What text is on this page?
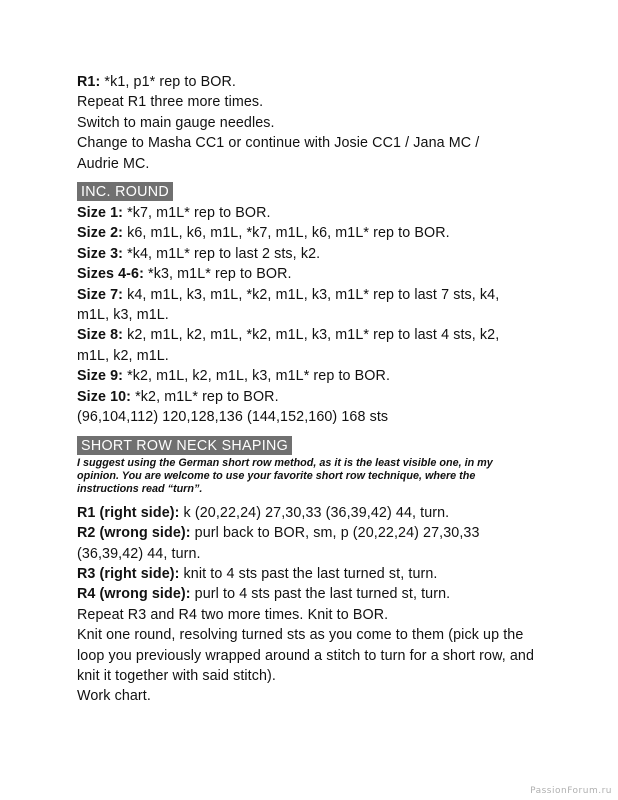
R1: *k1, p1* rep to BOR.
Repeat R1 three more times.
Switch to main gauge needles.
Change to Masha CC1 or continue with Josie CC1 / Jana MC / Audrie MC.
INC. ROUND
Size 1: *k7, m1L* rep to BOR.
Size 2: k6, m1L, k6, m1L, *k7, m1L, k6, m1L* rep to BOR.
Size 3: *k4, m1L* rep to last 2 sts, k2.
Sizes 4-6: *k3, m1L* rep to BOR.
Size 7: k4, m1L, k3, m1L, *k2, m1L, k3, m1L* rep to last 7 sts, k4, m1L, k3, m1L.
Size 8: k2, m1L, k2, m1L, *k2, m1L, k3, m1L* rep to last 4 sts, k2, m1L, k2, m1L.
Size 9: *k2, m1L, k2, m1L, k3, m1L* rep to BOR.
Size 10: *k2, m1L* rep to BOR.
(96,104,112) 120,128,136 (144,152,160) 168 sts
SHORT ROW NECK SHAPING
I suggest using the German short row method, as it is the least visible one, in my opinion. You are welcome to use your favorite short row technique, where the instructions read “turn”.
R1 (right side): k (20,22,24) 27,30,33 (36,39,42) 44, turn.
R2 (wrong side): purl back to BOR, sm, p (20,22,24) 27,30,33 (36,39,42) 44, turn.
R3 (right side): knit to 4 sts past the last turned st, turn.
R4 (wrong side): purl to 4 sts past the last turned st, turn.
Repeat R3 and R4 two more times. Knit to BOR.
Knit one round, resolving turned sts as you come to them (pick up the loop you previously wrapped around a stitch to turn for a short row, and knit it together with said stitch).
Work chart.
PassionForum.ru
